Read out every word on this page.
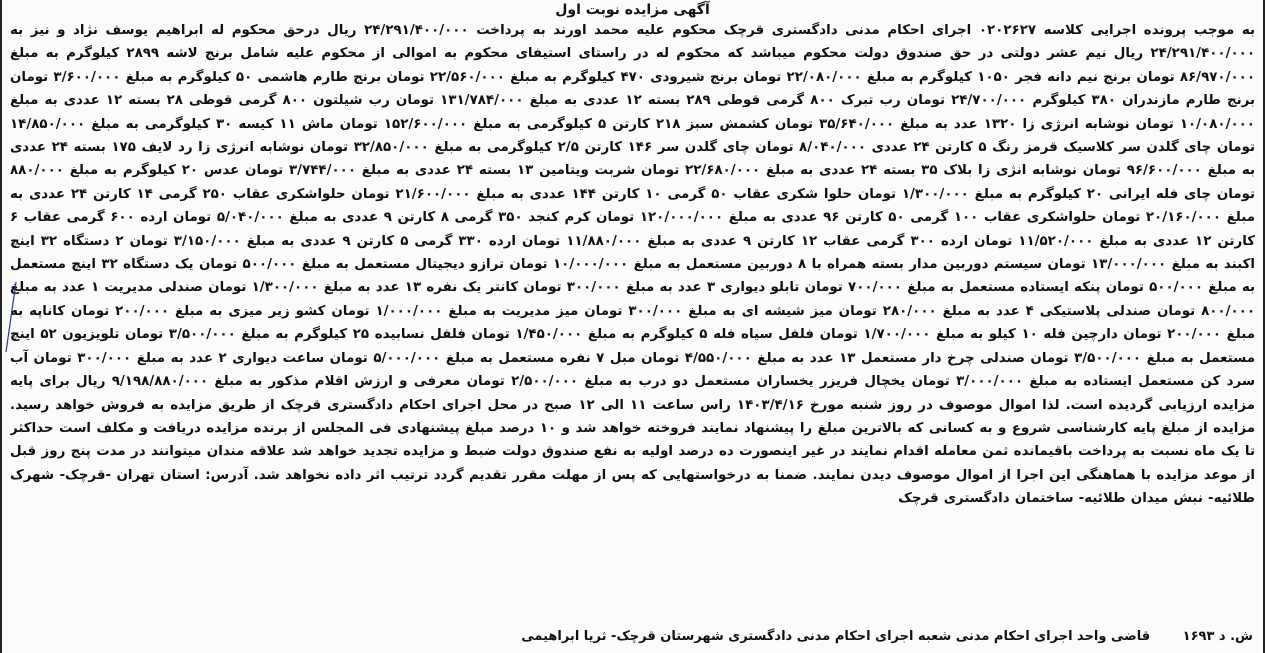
آگهی مزایده نوبت اول
به موجب پرونده اجرایی کلاسه ۰۲۰۲۶۲۷ اجرای احکام مدنی دادگستری قرچک محکوم علیه محمد اورند به پرداخت ۲۴/۲۹۱/۴۰۰/۰۰۰ ریال درحق محکوم له ابراهیم یوسف نژاد و نیز به ۲۴/۲۹۱/۴۰۰/۰۰۰ ریال نیم عشر دولتی در حق صندوق دولت محکوم میباشد که محکوم له در راستای استیفای محکوم به اموالی از محکوم علیه شامل برنج لاشه ۲۸۹۹ کیلوگرم به مبلغ ۸۶/۹۷۰/۰۰۰ تومان برنج نیم دانه فجر ۱۰۵۰ کیلوگرم به مبلغ ۲۲/۰۸۰/۰۰۰ تومان برنج شیرودی ۴۷۰ کیلوگرم به مبلغ ۲۲/۵۶۰/۰۰۰ تومان برنج طارم هاشمی ۵۰ کیلوگرم به مبلغ ۳/۶۰۰/۰۰۰ تومان برنج طارم مازندران ۳۸۰ کیلوگرم ۲۴/۷۰۰/۰۰۰ تومان رب تبرک ۸۰۰ گرمی قوطی ۲۸۹ بسته ۱۲ عددی به مبلغ ۱۳۱/۷۸۴/۰۰۰ تومان رب شیلتون ۸۰۰ گرمی قوطی ۲۸ بسته ۱۲ عددی به مبلغ ۱۰/۰۸۰/۰۰۰ تومان نوشابه انرژی زا ۱۳۲۰ عدد به مبلغ ۳۵/۶۴۰/۰۰۰ تومان کشمش سبز ۲۱۸ کارتن ۵ کیلوگرمی به مبلغ ۱۵۲/۶۰۰/۰۰۰ تومان ماش ۱۱ کیسه ۳۰ کیلوگرمی به مبلغ ۱۴/۸۵۰/۰۰۰ تومان چای گلدن سر کلاسیک قرمز رنگ ۵ کارتن ۲۴ عددی ۸/۰۴۰/۰۰۰ تومان چای گلدن سر ۱۴۶ کارتن ۲/۵ کیلوگرمی به مبلغ ۳۲/۸۵۰/۰۰۰ تومان نوشابه انرژی زا رد لایف ۱۷۵ بسته ۲۴ عددی به مبلغ ۹۶/۶۰۰/۰۰۰ تومان نوشابه انژی زا بلاک ۳۵ بسته ۲۴ عددی به مبلغ ۲۲/۶۸۰/۰۰۰ تومان شربت ویتامین ۱۳ بسته ۲۴ عددی به مبلغ ۳/۷۴۴/۰۰۰ تومان عدس ۲۰ کیلوگرم به مبلغ ۸۸۰/۰۰۰ تومان چای فله ایرانی ۲۰ کیلوگرم به مبلغ ۱/۳۰۰/۰۰۰ تومان حلوا شکری عقاب ۵۰ گرمی ۱۰ کارتن ۱۴۴ عددی به مبلغ ۲۱/۶۰۰/۰۰۰ تومان حلواشکری عقاب ۲۵۰ گرمی ۱۴ کارتن ۲۴ عددی به مبلغ ۲۰/۱۶۰/۰۰۰ تومان حلواشکری عقاب ۱۰۰ گرمی ۵۰ کارتن ۹۶ عددی به مبلغ ۱۲۰/۰۰۰/۰۰۰ تومان کرم کنجد ۳۵۰ گرمی ۸ کارتن ۹ عددی به مبلغ ۵/۰۴۰/۰۰۰ تومان ارده ۶۰۰ گرمی عقاب ۶ کارتن ۱۲ عددی به مبلغ ۱۱/۵۲۰/۰۰۰ تومان ارده ۳۰۰ گرمی عقاب ۱۲ کارتن ۹ عددی به مبلغ ۱۱/۸۸۰/۰۰۰ تومان ارده ۳۳۰ گرمی ۵ کارتن ۹ عددی به مبلغ ۳/۱۵۰/۰۰۰ تومان ۲ دستگاه ۳۲ اینچ اکبند به مبلغ ۱۳/۰۰۰/۰۰۰ تومان سیستم دوربین مدار بسته همراه با ۸ دوربین مستعمل به مبلغ ۱۰/۰۰۰/۰۰۰ تومان ترازو دیجیتال مستعمل به مبلغ ۵۰۰/۰۰۰ تومان یک دستگاه ۳۲ اینچ مستعمل به مبلغ ۵۰۰/۰۰۰ تومان پنکه ایستاده مستعمل به مبلغ ۷۰۰/۰۰۰ تومان تابلو دیواری ۳ عدد به مبلغ ۳۰۰/۰۰۰ تومان کانتر یک نفره ۱۳ عدد به مبلغ ۱/۳۰۰/۰۰۰ تومان صندلی مدیریت ۱ عدد به مبلغ ۸۰۰/۰۰۰ تومان صندلی پلاستیکی ۴ عدد به مبلغ ۲۸۰/۰۰۰ تومان میز شیشه ای به مبلغ ۳۰۰/۰۰۰ تومان میز مدیریت به مبلغ ۱/۰۰۰/۰۰۰ تومان کشو زیر میزی به مبلغ ۲۰۰/۰۰۰ تومان کاناپه به مبلغ ۲۰۰/۰۰۰ تومان دارچین فله ۱۰ کیلو به مبلغ ۱/۷۰۰/۰۰۰ تومان فلفل سیاه فله ۵ کیلوگرم به مبلغ ۱/۴۵۰/۰۰۰ تومان فلفل نسابیده ۲۵ کیلوگرم به مبلغ ۳/۵۰۰/۰۰۰ تومان تلویزیون ۵۲ اینچ مستعمل به مبلغ ۳/۵۰۰/۰۰۰ تومان صندلی چرخ دار مستعمل ۱۳ عدد به مبلغ ۴/۵۵۰/۰۰۰ تومان مبل ۷ نفره مستعمل به مبلغ ۵/۰۰۰/۰۰۰ تومان ساعت دیواری ۲ عدد به مبلغ ۳۰۰/۰۰۰ تومان آب سرد کن مستعمل ایستاده به مبلغ ۳/۰۰۰/۰۰۰ تومان یخچال فریزر یخساران مستعمل دو درب به مبلغ ۲/۵۰۰/۰۰۰ تومان معرفی و ارزش اقلام مذکور به مبلغ ۹/۱۹۸/۸۸۰/۰۰۰ ریال برای پایه مزایده ارزیابی گردیده است. لذا اموال موصوف در روز شنبه مورخ ۱۴۰۳/۴/۱۶ راس ساعت ۱۱ الی ۱۲ صبح در محل اجرای احکام دادگستری قرچک از طریق مزایده به فروش خواهد رسید. مزایده از مبلغ پایه کارشناسی شروع و به کسانی که بالاترین مبلغ را پیشنهاد نمایند فروخته خواهد شد و ۱۰ درصد مبلغ پیشنهادی فی المجلس از برنده مزایده دریافت و مکلف است حداکثر تا یک ماه نسبت به پرداخت باقیمانده ثمن معامله اقدام نمایند در غیر اینصورت ده درصد اولیه به نفع صندوق دولت ضبط و مزایده تجدید خواهد شد علاقه مندان میتوانند در مدت پنج روز قبل از موعد مزایده با هماهنگی این اجرا از اموال موصوف دیدن نمایند. ضمنا به درخواستهایی که پس از مهلت مقرر تقدیم گردد ترتیب اثر داده نخواهد شد. آدرس: استان تهران -قرچک- شهرک طلائیه- نبش میدان طلائیه- ساختمان دادگستری قرچک
ش. د ۱۶۹۳ قاضی واحد اجرای احکام مدنی شعبه اجرای احکام مدنی دادگستری شهرستان قرچک- ثریا ابراهیمی
